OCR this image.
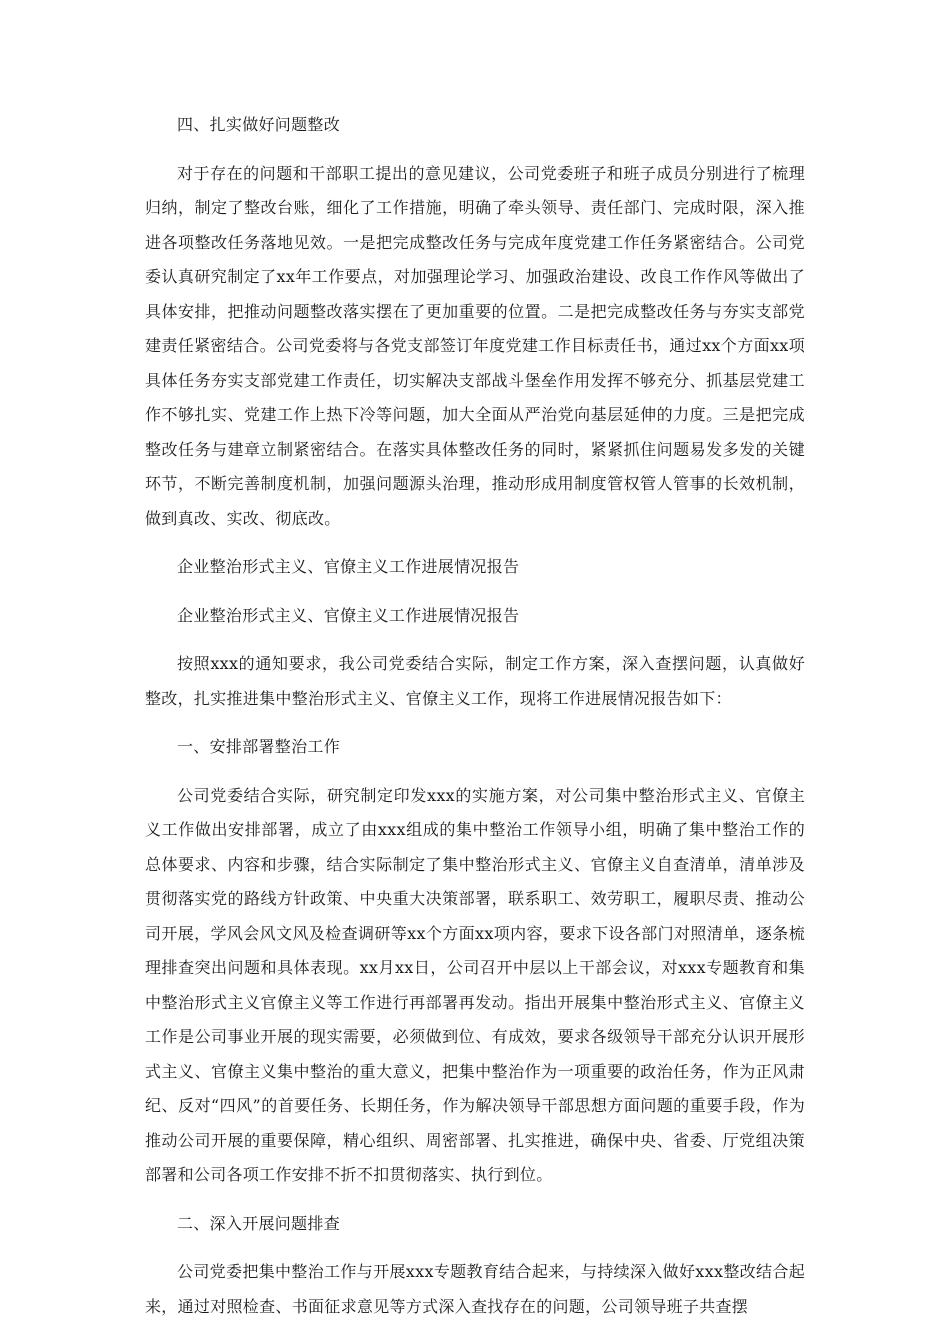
四、扎实做好问题整改

对于存在的问题和干部职工提出的意见建议，公司党委班子和班子成员分别进行了梳理归纳，制定了整改台账，细化了工作措施，明确了牵头领导、责任部门、完成时限，深入推进各项整改任务落地见效。一是把完成整改任务与完成年度党建工作任务紧密结合。公司党委认真研究制定了xx年工作要点，对加强理论学习、加强政治建设、改良工作作风等做出了具体安排，把推动问题整改落实摆在了更加重要的位置。二是把完成整改任务与夯实支部党建责任紧密结合。公司党委将与各党支部签订年度党建工作目标责任书，通过xx个方面xx项具体任务夯实支部党建工作责任，切实解决支部战斗堡垒作用发挥不够充分、抓基层党建工作不够扎实、党建工作上热下冷等问题，加大全面从严治党向基层延伸的力度。三是把完成整改任务与建章立制紧密结合。在落实具体整改任务的同时，紧紧抓住问题易发多发的关键环节，不断完善制度机制，加强问题源头治理，推动形成用制度管权管人管事的长效机制，做到真改、实改、彻底改。

企业整治形式主义、官僚主义工作进展情况报告

企业整治形式主义、官僚主义工作进展情况报告

按照xxx的通知要求，我公司党委结合实际，制定工作方案，深入查摆问题，认真做好整改，扎实推进集中整治形式主义、官僚主义工作，现将工作进展情况报告如下：

一、安排部署整治工作

公司党委结合实际，研究制定印发xxx的实施方案，对公司集中整治形式主义、官僚主义工作做出安排部署，成立了由xxx组成的集中整治工作领导小组，明确了集中整治工作的总体要求、内容和步骤，结合实际制定了集中整治形式主义、官僚主义自查清单，清单涉及贯彻落实党的路线方针政策、中央重大决策部署，联系职工、效劳职工，履职尽责、推动公司开展，学风会风文风及检查调研等xx个方面xx项内容，要求下设各部门对照清单，逐条梳理排查突出问题和具体表现。xx月xx日，公司召开中层以上干部会议，对xxx专题教育和集中整治形式主义官僚主义等工作进行再部署再发动。指出开展集中整治形式主义、官僚主义工作是公司事业开展的现实需要，必须做到位、有成效，要求各级领导干部充分认识开展形式主义、官僚主义集中整治的重大意义，把集中整治作为一项重要的政治任务，作为正风肃纪、反对“四风”的首要任务、长期任务，作为解决领导干部思想方面问题的重要手段，作为推动公司开展的重要保障，精心组织、周密部署、扎实推进，确保中央、省委、厅党组决策部署和公司各项工作安排不折不扣贯彻落实、执行到位。

二、深入开展问题排查

公司党委把集中整治工作与开展xxx专题教育结合起来，与持续深入做好xxx整改结合起来，通过对照检查、书面征求意见等方式深入查找存在的问题，公司领导班子共查摆
